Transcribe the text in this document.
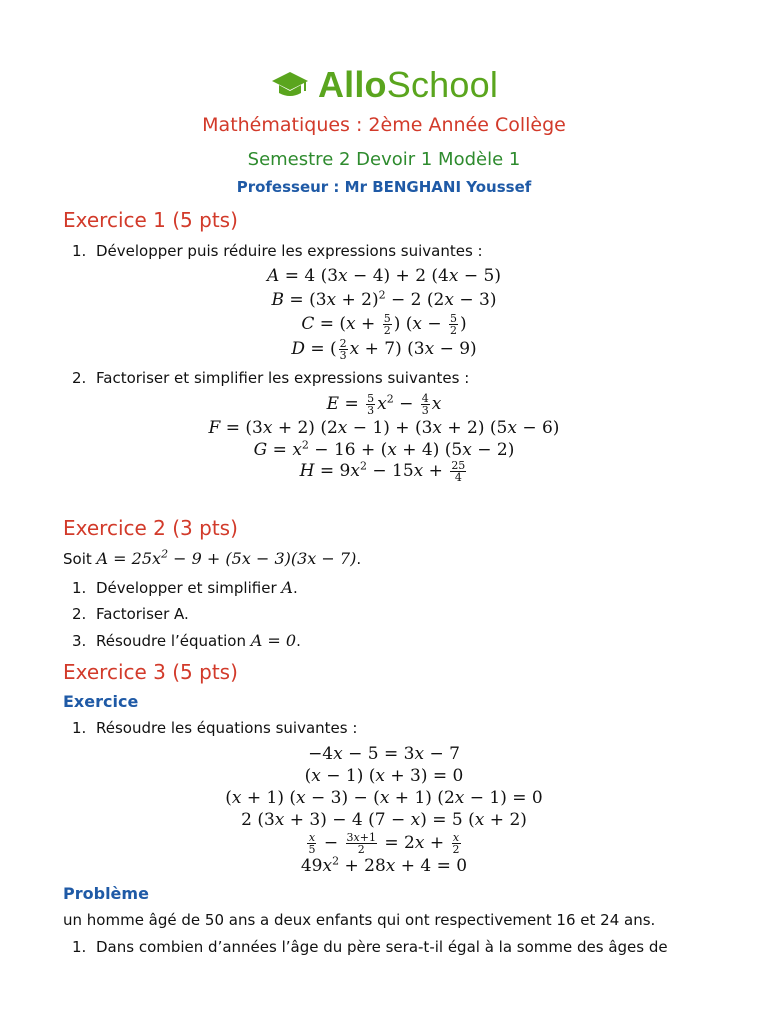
AlloSchool
Mathématiques : 2ème Année Collège
Semestre 2 Devoir 1 Modèle 1
Professeur : Mr BENGHANI Youssef
Exercice 1 (5 pts)
1. Développer puis réduire les expressions suivantes :
A = 4 (3x − 4) + 2 (4x − 5)
$B = (3x + 2)^2 - 2$ (2x − 3)
$C = (x + \frac{5}{2}$ ) ($x - \frac{5}{2}$ )
D = ( $\frac{2}{3}$ x + 7) (3x − 9)
2. Factoriser et simplifier les expressions suivantes :
$E = \frac{5}{3} x^2 - \frac{4}{3}$ x
F = (3x + 2) (2x − 1) + (3x + 2) (5x − 6)
$G = x^2 - 16 + (x + 4) (5x - 2)$
$H = 9x^2 - 15x + \frac{25}{4}$
Exercice 2 (3 pts)
Soit $A = 25x^2 - 9 + (5x - 3)(3x - 7)$.
1. Développer et simplifier A.
2. Factoriser A.
3. Résoudre l’équation A = 0.
Exercice 3 (5 pts)
Exercice
1. Résoudre les équations suivantes :
−4x − 5 = 3x − 7
(x − 1) (x + 3) = 0
(x + 1) (x − 3) − (x + 1) (2x − 1) = 0
2 (3x + 3) − 4 (7 − x) = 5 (x + 2)
$\frac{x}{5} - \frac{3x+1}{2} = 2x + \frac{x}{2}$
$49x^2 + 28x + 4 = 0$
Problème
un homme âgé de 50 ans a deux enfants qui ont respectivement 16 et 24 ans.
1. Dans combien d’années l’âge du père sera-t-il égal à la somme des âges de
